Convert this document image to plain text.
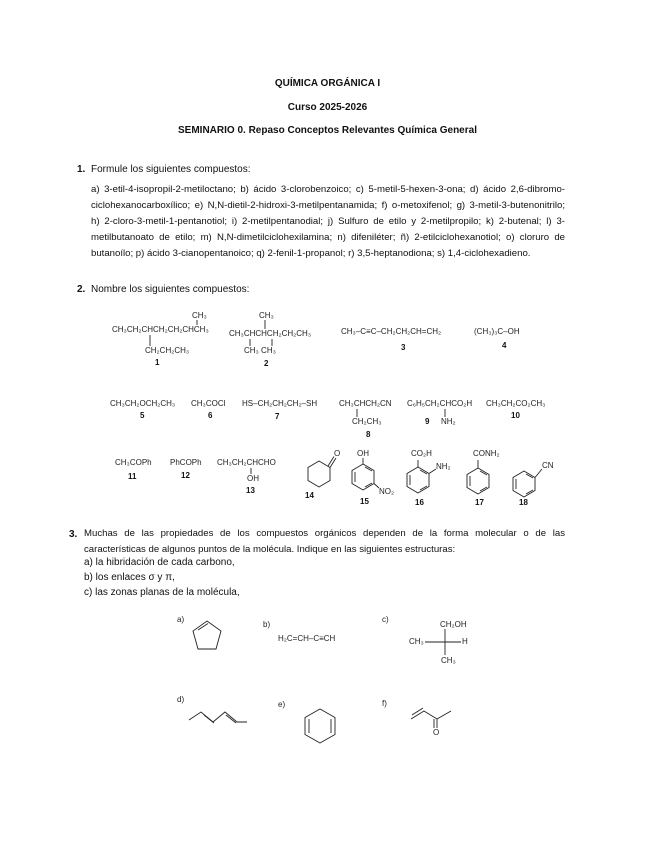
QUÍMICA ORGÁNICA I
Curso 2025-2026
SEMINARIO 0. Repaso Conceptos Relevantes Química General
1. Formule los siguientes compuestos:
a) 3-etil-4-isopropil-2-metiloctano; b) ácido 3-clorobenzoico; c) 5-metil-5-hexen-3-ona; d) ácido 2,6-dibromo-ciclohexanocarboxílico; e) N,N-dietil-2-hidroxi-3-metilpentanamida; f) o-metoxifenol; g) 3-metil-3-butenonitrilo; h) 2-cloro-3-metil-1-pentanotiol; i) 2-metilpentanodial; j) Sulfuro de etilo y 2-metilpropilo; k) 2-butenal; l) 3-metilbutanoato de etilo; m) N,N-dimetilciclohexilamina; n) difeniléter; ñ) 2-etilciclohexanotiol; o) cloruro de butanoílo; p) ácido 3-cianopentanoico; q) 2-fenil-1-propanol; r) 3,5-heptanodiona; s) 1,4-ciclohexadieno.
2. Nombre los siguientes compuestos:
CH₃
CH₃CH₂CHCH₂CH₂CHCH₃
CH₂CH₂CH₃
1
CH₃
CH₃CHCHCH₂CH₂CH₃
CH₃ CH₃
2
CH₃–C≡C–CH₂CH₂CH=CH₂
3
(CH₃)₃C–OH
4
CH₃CH₂OCH₂CH₃
5
CH₃COCl
6
HS–CH₂CH₂CH₂–SH
7
CH₃CHCH₂CN
CH₂CH₃
8
C₆H₅CH₂CHCO₂H
NH₂
9
CH₃CH₂CO₂CH₃
10
CH₃COPh
11
PhCOPh
12
CH₃CH₂CHCHO
OH
13
O
14
OH
NO₂
15
CO₂H
NH₂
16
CONH₂
17
CN
18
3. Muchas de las propiedades de los compuestos orgánicos dependen de la forma molecular o de las características de algunos puntos de la molécula. Indique en las siguientes estructuras:
a) la hibridación de cada carbono,
b) los enlaces σ y π,
c) las zonas planas de la molécula,
a)
b)
c)
d)
e)	f)
H₂C=CH–C≡CH
CH₂OH
CH₃	H
CH₃
O
